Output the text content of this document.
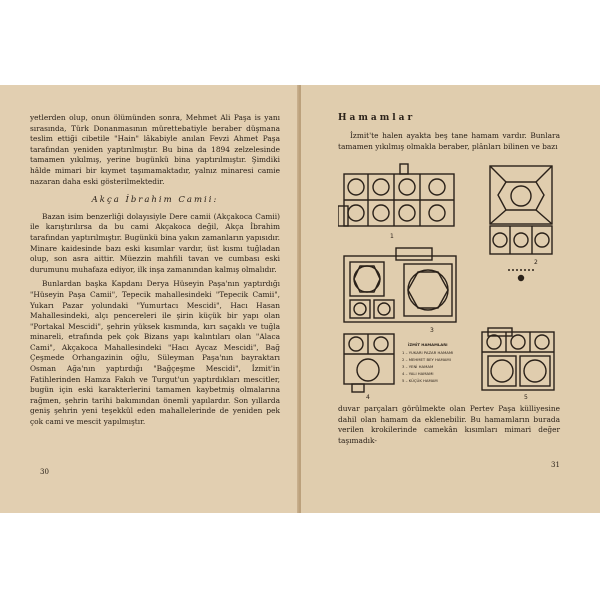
yetlerden olup, onun ölümünden sonra, Mehmet Ali Paşa is yanı sırasında, Türk Donanmasının mürettebatiyle beraber düşmana teslim ettiği cibetile "Hain" lâkabiyle anılan Fevzi Ahmet Paşa tarafından yeniden yaptırılmıştır. Bu bina da 1894 zelzelesinde tamamen yıkılmış, yerine bugünkü bina yaptırılmıştır. Şimdiki hâlde mimari bir kıymet taşımamaktadır, yalnız minaresi camie nazaran daha eski gösterilmektedir.

Akça İbrahim Camii:

Bazan isim benzerliği dolayısiyle Dere camii (Akçakoca Camii) ile karıştırılırsa da bu cami Akçakoca değil, Akça İbrahim tarafından yaptırılmıştır. Bugünkü bina yakın zamanların yapısıdır. Minare kaidesinde bazı eski kısımlar vardır, üst kısmı tuğladan olup, son asra aittir. Müezzin mahfili tavan ve cumbası eski durumunu muhafaza ediyor, ilk inşa zamanından kalmış olmalıdır.

Bunlardan başka Kapdanı Derya Hüseyin Paşa'nın yaptırdığı "Hüseyin Paşa Camii", Tepecik mahallesindeki "Tepecik Camii", Yukarı Pazar yolundaki "Yumurtacı Mescidi", Hacı Hasan Mahallesindeki, alçı pencereleri ile şirin küçük bir yapı olan "Portakal Mescidi", şehrin yüksek kısmında, kırı saçaklı ve tuğla minareli, etrafında pek çok Bizans yapı kalıntıları olan "Alaca Cami", Akçakoca Mahallesindeki "Hacı Aycaz Mescidi", Bağ Çeşmede Orhangazinin oğlu, Süleyman Paşa'nın bayraktarı Osman Ağa'nın yaptırdığı "Bağçeşme Mescidi", İzmit'in Fatihlerinden Hamza Fakıh ve Turgut'un yaptırdıkları mescitler, bugün için eski karakterlerini tamamen kaybetmiş olmalarına rağmen, şehrin tarihi bakımından önemli yapılardır. Son yıllarda geniş şehrin yeni teşekkül eden mahallelerinde de yeniden pek çok cami ve mescit yapılmıştır.

30
31
Hamamlar

İzmit'te halen ayakta beş tane hamam vardır. Bunlara tamamen yıkılmış olmakla beraber, plânları bilinen ve bazı

1
2
3
4	5
İZMİT HAMAMLARI
1 – YUKARI PAZAR HAMAMI
2 – MEHMET BEY HAMAMI
3 – YENİ HAMAM
4 – YALI HAMAMI
5 – KÜÇÜK HAMAM

duvar parçaları görülmekte olan Pertev Paşa külliyesine dahil olan hamam da eklenebilir. Bu hamamların burada verilen krokilerinde camekân kısımları mimari değer taşımadık-
